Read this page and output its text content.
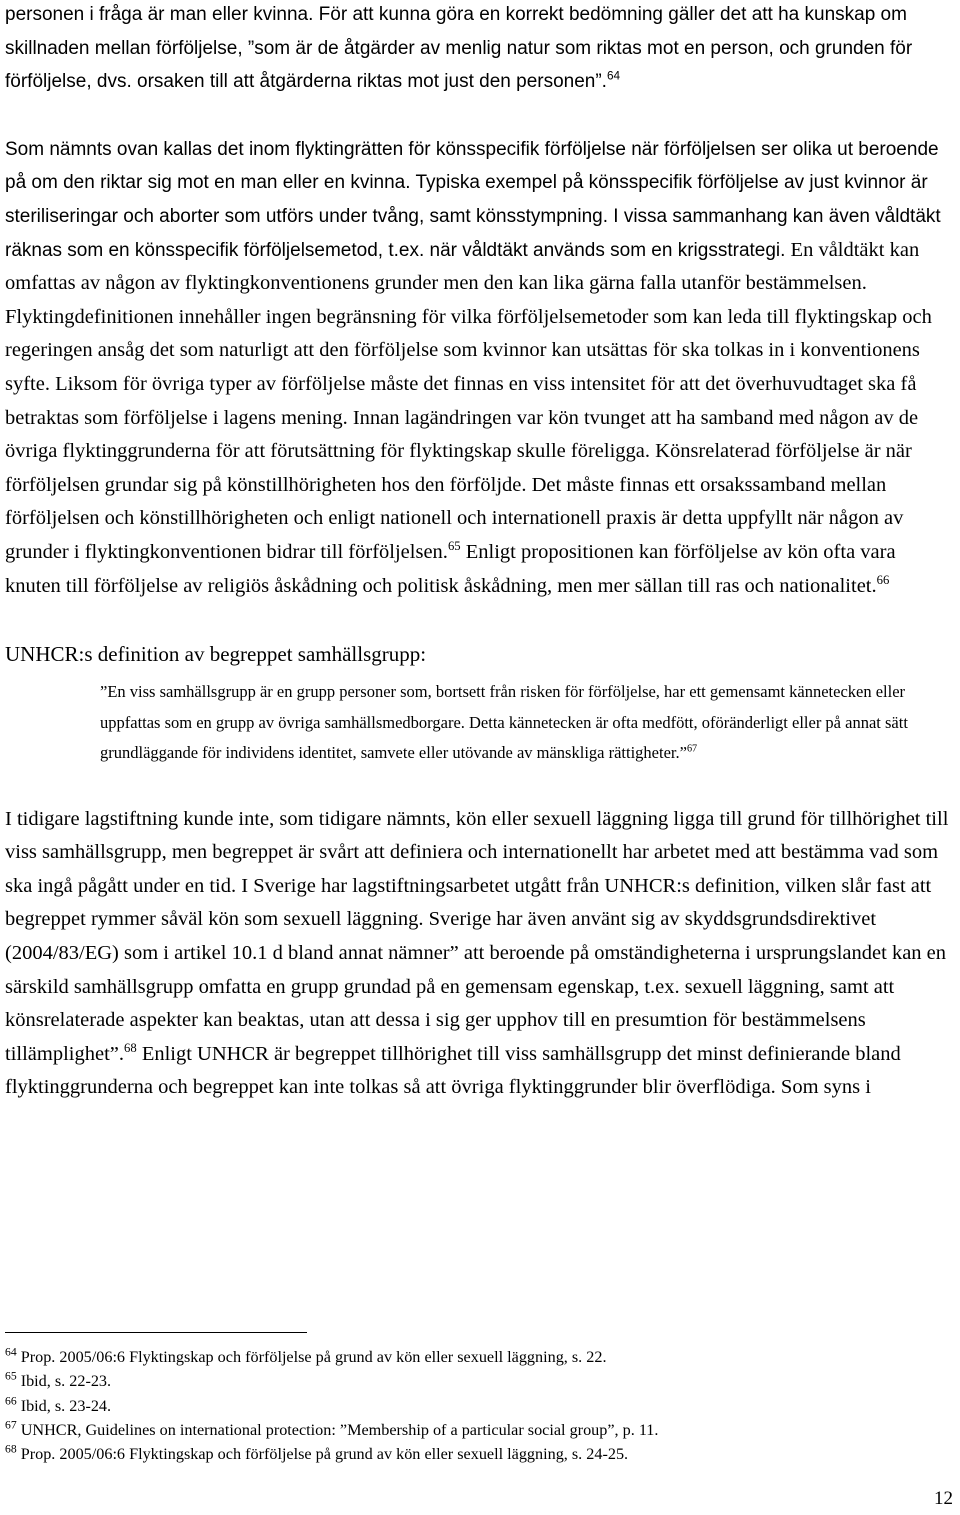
personen i fråga är man eller kvinna. För att kunna göra en korrekt bedömning gäller det att ha kunskap om skillnaden mellan förföljelse, ”som är de åtgärder av menlig natur som riktas mot en person, och grunden för förföljelse, dvs. orsaken till att åtgärderna riktas mot just den personen”.$^{64}$

Som nämnts ovan kallas det inom flyktingrätten för könsspecifik förföljelse när förföljelsen ser olika ut beroende på om den riktar sig mot en man eller en kvinna. Typiska exempel på könsspecifik förföljelse av just kvinnor är steriliseringar och aborter som utförs under tvång, samt könsstympning. I vissa sammanhang kan även våldtäkt räknas som en könsspecifik förföljelsemetod, t.ex. när våldtäkt används som en krigsstrategi. En våldtäkt kan omfattas av någon av flyktingkonventionens grunder men den kan lika gärna falla utanför bestämmelsen. Flyktingdefinitionen innehåller ingen begränsning för vilka förföljelsemetoder som kan leda till flyktingskap och regeringen ansåg det som naturligt att den förföljelse som kvinnor kan utsättas för ska tolkas in i konventionens syfte. Liksom för övriga typer av förföljelse måste det finnas en viss intensitet för att det överhuvudtaget ska få betraktas som förföljelse i lagens mening. Innan lagändringen var kön tvunget att ha samband med någon av de övriga flyktinggrunderna för att förutsättning för flyktingskap skulle föreligga. Könsrelaterad förföljelse är när förföljelsen grundar sig på könstillhörigheten hos den förföljde. Det måste finnas ett orsakssamband mellan förföljelsen och könstillhörigheten och enligt nationell och internationell praxis är detta uppfyllt när någon av grunder i flyktingkonventionen bidrar till förföljelsen.$^{65}$ Enligt propositionen kan förföljelse av kön ofta vara knuten till förföljelse av religiös åskådning och politisk åskådning, men mer sällan till ras och nationalitet.$^{66}$

UNHCR:s definition av begreppet samhällsgrupp:

”En viss samhällsgrupp är en grupp personer som, bortsett från risken för förföljelse, har ett gemensamt kännetecken eller uppfattas som en grupp av övriga samhällsmedborgare. Detta kännetecken är ofta medfött, oföränderligt eller på annat sätt grundläggande för individens identitet, samvete eller utövande av mänskliga rättigheter.”$^{67}$

I tidigare lagstiftning kunde inte, som tidigare nämnts, kön eller sexuell läggning ligga till grund för tillhörighet till viss samhällsgrupp, men begreppet är svårt att definiera och internationellt har arbetet med att bestämma vad som ska ingå pågått under en tid. I Sverige har lagstiftningsarbetet utgått från UNHCR:s definition, vilken slår fast att begreppet rymmer såväl kön som sexuell läggning. Sverige har även använt sig av skyddsgrundsdirektivet (2004/83/EG) som i artikel 10.1 d bland annat nämner” att beroende på omständigheterna i ursprungslandet kan en särskild samhällsgrupp omfatta en grupp grundad på en gemensam egenskap, t.ex. sexuell läggning, samt att könsrelaterade aspekter kan beaktas, utan att dessa i sig ger upphov till en presumtion för bestämmelsens tillämplighet”.$^{68}$ Enligt UNHCR är begreppet tillhörighet till viss samhällsgrupp det minst definierande bland flyktinggrunderna och begreppet kan inte tolkas så att övriga flyktinggrunder blir överflödiga. Som syns i

$^{64}$ Prop. 2005/06:6 Flyktingskap och förföljelse på grund av kön eller sexuell läggning, s. 22.

$^{65}$ Ibid, s. 22-23.

$^{66}$ Ibid, s. 23-24.

$^{67}$ UNHCR, Guidelines on international protection: ”Membership of a particular social group”, p. 11.

$^{68}$ Prop. 2005/06:6 Flyktingskap och förföljelse på grund av kön eller sexuell läggning, s. 24-25.

12
